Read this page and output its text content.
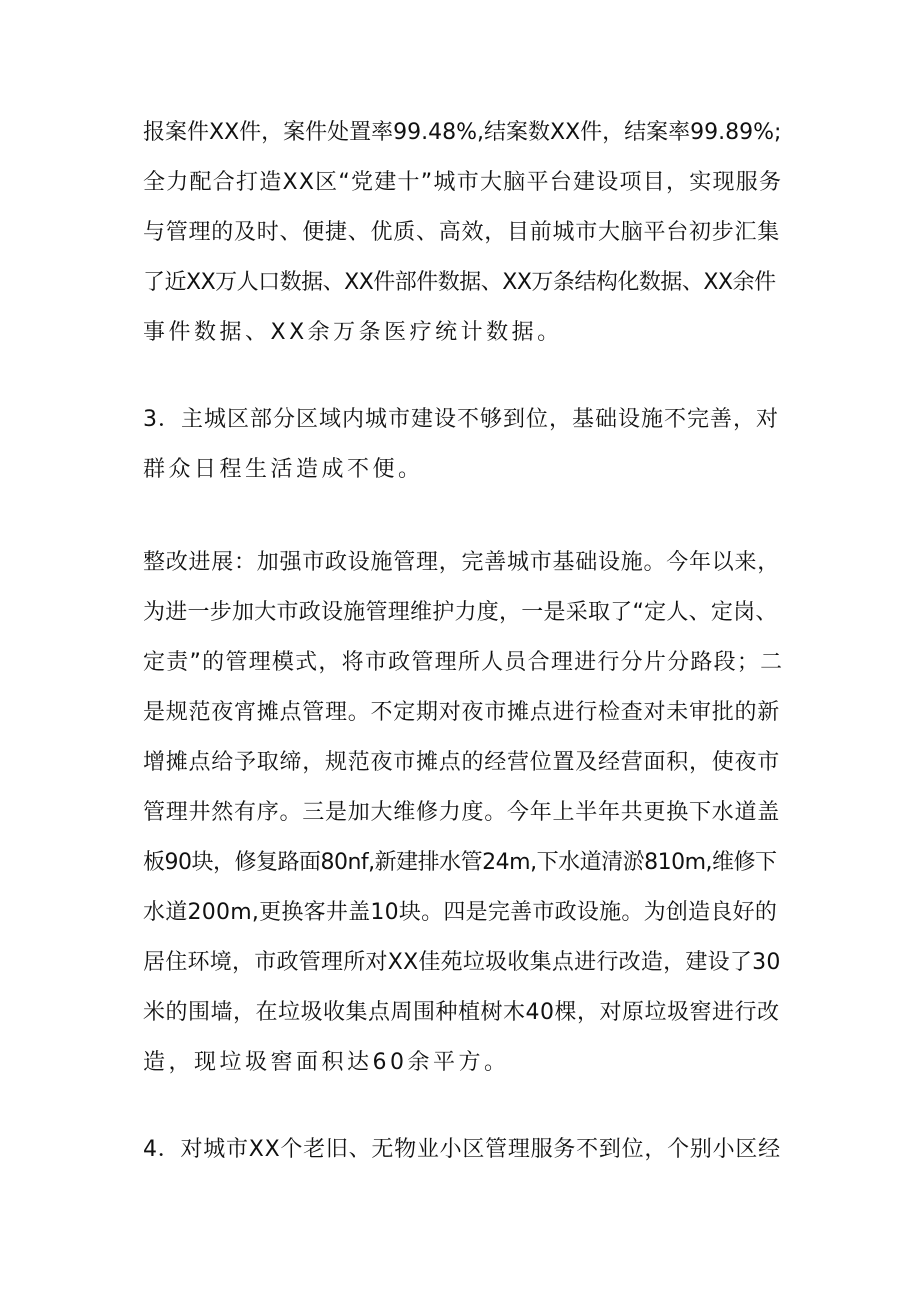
报案件XX件，案件处置率99.48%,结案数XX件，结案率99.89%;
全力配合打造XX区“党建十”城市大脑平台建设项目，实现服务
与管理的及时、便捷、优质、高效，目前城市大脑平台初步汇集
了近XX万人口数据、XX件部件数据、XX万条结构化数据、XX余件
事件数据、XX余万条医疗统计数据。
3．主城区部分区域内城市建设不够到位，基础设施不完善，对
群众日程生活造成不便。
整改进展：加强市政设施管理，完善城市基础设施。今年以来，
为进一步加大市政设施管理维护力度，一是采取了“定人、定岗、
定责”的管理模式，将市政管理所人员合理进行分片分路段；二
是规范夜宵摊点管理。不定期对夜市摊点进行检查对未审批的新
增摊点给予取缔，规范夜市摊点的经营位置及经营面积，使夜市
管理井然有序。三是加大维修力度。今年上半年共更换下水道盖
板90块，修复路面80nf,新建排水管24m,下水道清淤810m,维修下
水道200m,更换客井盖10块。四是完善市政设施。为创造良好的
居住环境，市政管理所对XX佳苑垃圾收集点进行改造，建设了30
米的围墙，在垃圾收集点周围种植树木40棵，对原垃圾窖进行改
造，现垃圾窖面积达60余平方。
4．对城市XX个老旧、无物业小区管理服务不到位，个别小区经
